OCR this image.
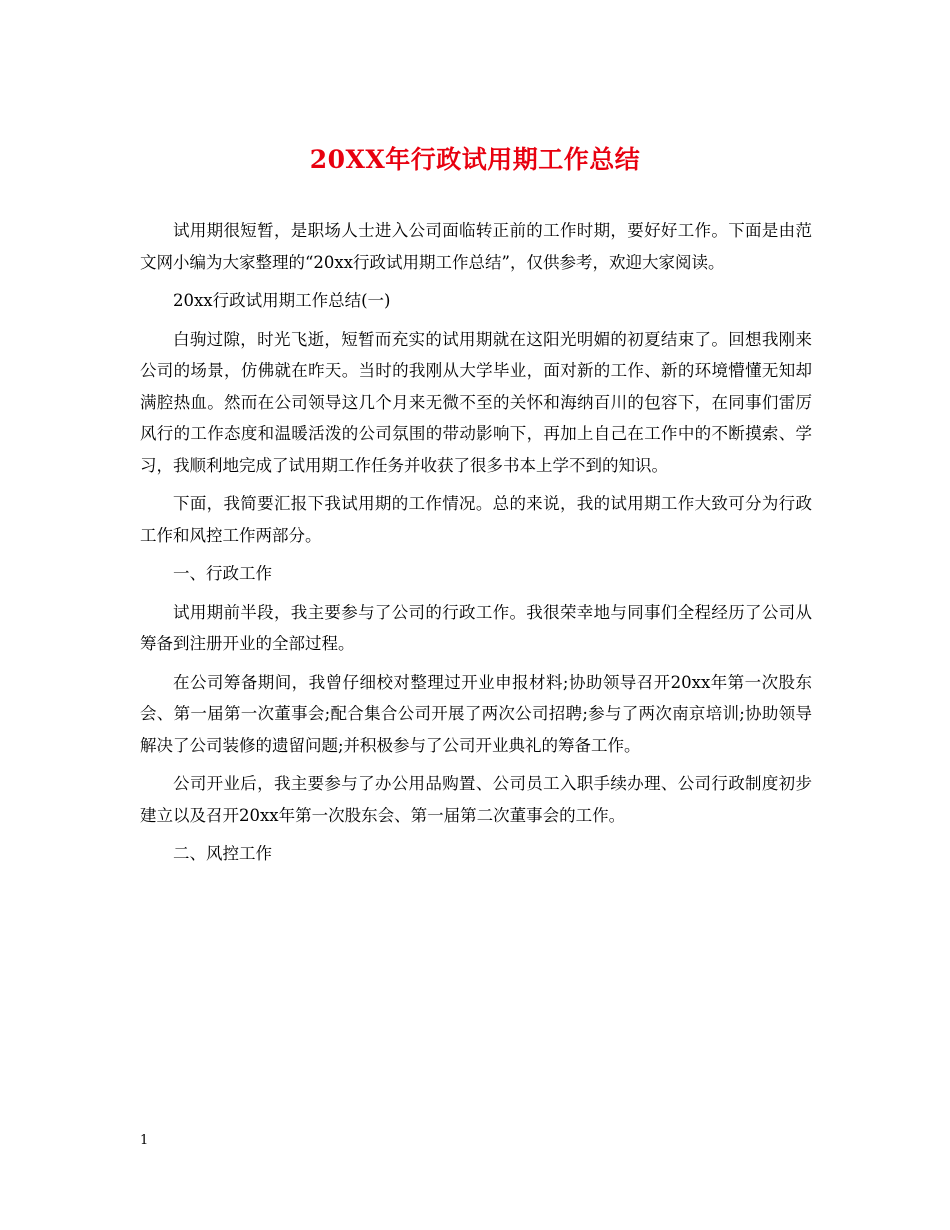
20XX年行政试用期工作总结

试用期很短暂，是职场人士进入公司面临转正前的工作时期，要好好工作。下面是由范文网小编为大家整理的“20xx行政试用期工作总结”，仅供参考，欢迎大家阅读。

20xx行政试用期工作总结(一)

白驹过隙，时光飞逝，短暂而充实的试用期就在这阳光明媚的初夏结束了。回想我刚来公司的场景，仿佛就在昨天。当时的我刚从大学毕业，面对新的工作、新的环境懵懂无知却满腔热血。然而在公司领导这几个月来无微不至的关怀和海纳百川的包容下，在同事们雷厉风行的工作态度和温暖活泼的公司氛围的带动影响下，再加上自己在工作中的不断摸索、学习，我顺利地完成了试用期工作任务并收获了很多书本上学不到的知识。

下面，我简要汇报下我试用期的工作情况。总的来说，我的试用期工作大致可分为行政工作和风控工作两部分。

一、行政工作

试用期前半段，我主要参与了公司的行政工作。我很荣幸地与同事们全程经历了公司从筹备到注册开业的全部过程。

在公司筹备期间，我曾仔细校对整理过开业申报材料;协助领导召开20xx年第一次股东会、第一届第一次董事会;配合集合公司开展了两次公司招聘;参与了两次南京培训;协助领导解决了公司装修的遗留问题;并积极参与了公司开业典礼的筹备工作。

公司开业后，我主要参与了办公用品购置、公司员工入职手续办理、公司行政制度初步建立以及召开20xx年第一次股东会、第一届第二次董事会的工作。

二、风控工作

1
